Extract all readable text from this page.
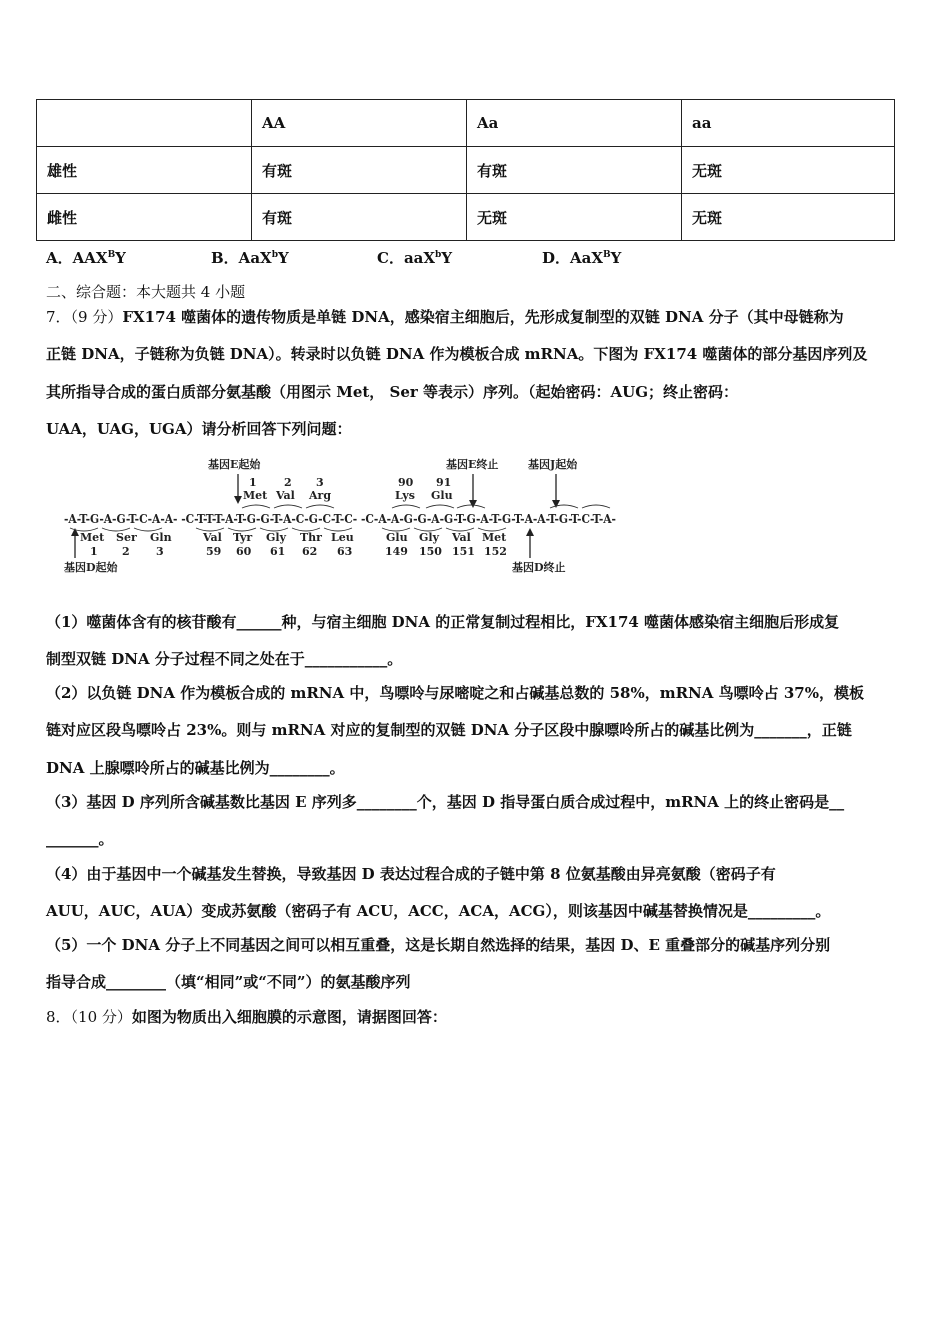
	AA	Aa	aa
雄性	有斑	有斑	无斑
雌性	有斑	无斑	无斑
A．$AAX^BY$	B．AaX$^b$Y	C．aaX$^b$Y	D．AaX$^B$Y
二、综合题：本大题共 4 小题
7．（9 分）FX174 噬菌体的遗传物质是单链 DNA，感染宿主细胞后，先形成复制型的双链 DNA 分子（其中母链称为
正链 DNA，子链称为负链 DNA）。转录时以负链 DNA 作为模板合成 mRNA。下图为 FX174 噬菌体的部分基因序列及
其所指导合成的蛋白质部分氨基酸（用图示 Met， Ser 等表示）序列。（起始密码：AUG；终止密码：
UAA，UAG，UGA）请分析回答下列问题：
基因E起始	基因E终止	基因J起始
1 2 3	90 91
Met Val Arg	Lys Glu
-A-T-G-A-G-T-C-A-A- -C-T-T-T-A-T-G-G-T-A-C-G-C-T-C- -C-A-A-G-G-A-G-T-G-A-T-G-T-A-A-T-G-T-C-T-A-
Met Ser Gln	Val Tyr Gly Thr Leu	Glu Gly Val Met
1 2 3	59 60 61 62 63	149 150 151 152
基因D起始	基因D终止
（1）噬菌体含有的核苷酸有______种，与宿主细胞 DNA 的正常复制过程相比，FX174 噬菌体感染宿主细胞后形成复
制型双链 DNA 分子过程不同之处在于___________。
（2）以负链 DNA 作为模板合成的 mRNA 中，鸟嘌呤与尿嘧啶之和占碱基总数的 58%，mRNA 鸟嘌呤占 37%，模板
链对应区段鸟嘌呤占 23%。则与 mRNA 对应的复制型的双链 DNA 分子区段中腺嘌呤所占的碱基比例为_______，正链
DNA 上腺嘌呤所占的碱基比例为________。
（3）基因 D 序列所含碱基数比基因 E 序列多________个，基因 D 指导蛋白质合成过程中，mRNA 上的终止密码是__
_______。
（4）由于基因中一个碱基发生替换，导致基因 D 表达过程合成的子链中第 8 位氨基酸由异亮氨酸（密码子有
AUU，AUC，AUA）变成苏氨酸（密码子有 ACU，ACC，ACA，ACG），则该基因中碱基替换情况是_________。
（5）一个 DNA 分子上不同基因之间可以相互重叠，这是长期自然选择的结果，基因 D、E 重叠部分的碱基序列分别
指导合成________（填“相同”或“不同”）的氨基酸序列
8．（10 分）如图为物质出入细胞膜的示意图，请据图回答：
